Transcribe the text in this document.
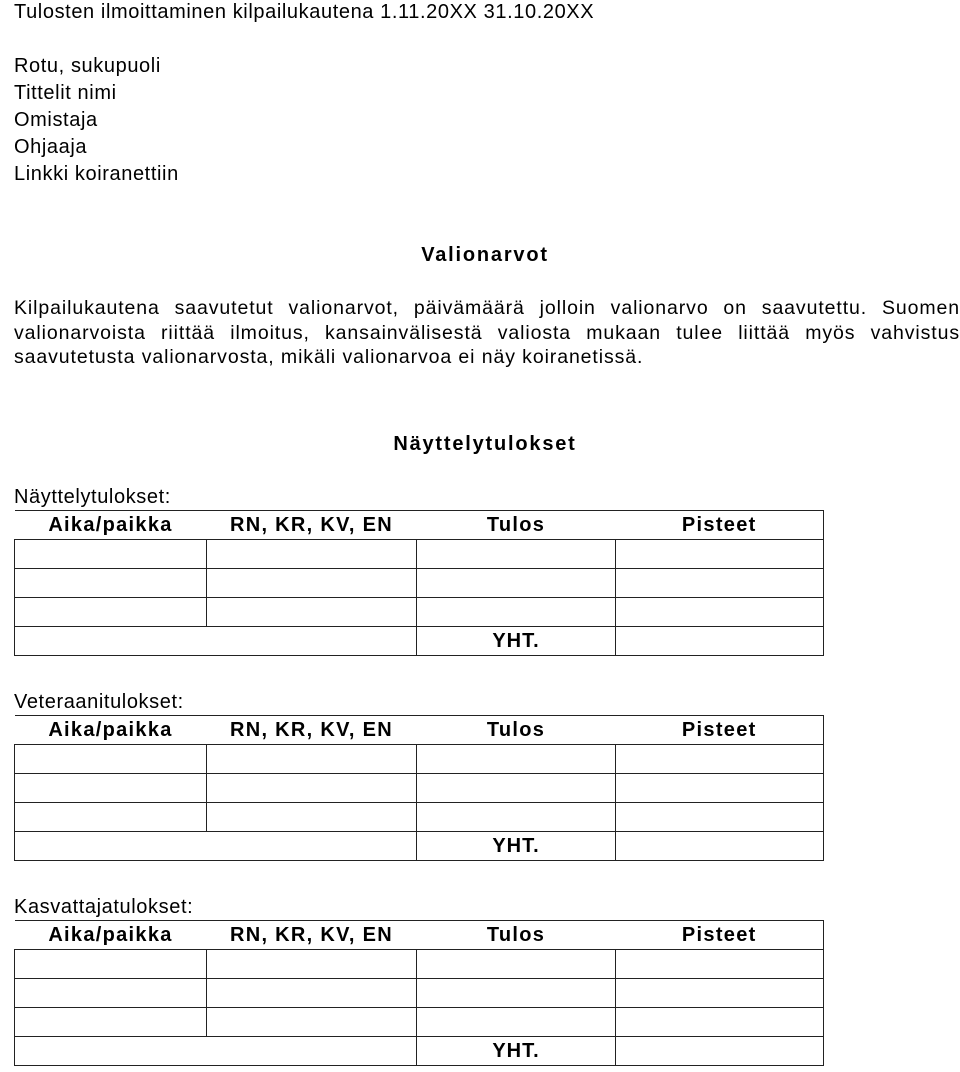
Tulosten ilmoittaminen kilpailukautena 1.11.20XX 31.10.20XX
Rotu, sukupuoli
Tittelit nimi
Omistaja
Ohjaaja
Linkki koiranettiin
Valionarvot

Kilpailukautena saavutetut valionarvot, päivämäärä jolloin valionarvo on saavutettu. Suomen valionarvoista riittää ilmoitus, kansainvälisestä valiosta mukaan tulee liittää myös vahvistus saavutetusta valionarvosta, mikäli valionarvoa ei näy koiranetissä.

Näyttelytulokset
Näyttelytulokset:
Aika/paikka	RN, KR, KV, EN	Tulos	Pisteet

		YHT.	
Veteraanitulokset:
Aika/paikka	RN, KR, KV, EN	Tulos	Pisteet

		YHT.	
Kasvattajatulokset:
Aika/paikka	RN, KR, KV, EN	Tulos	Pisteet

		YHT.	
